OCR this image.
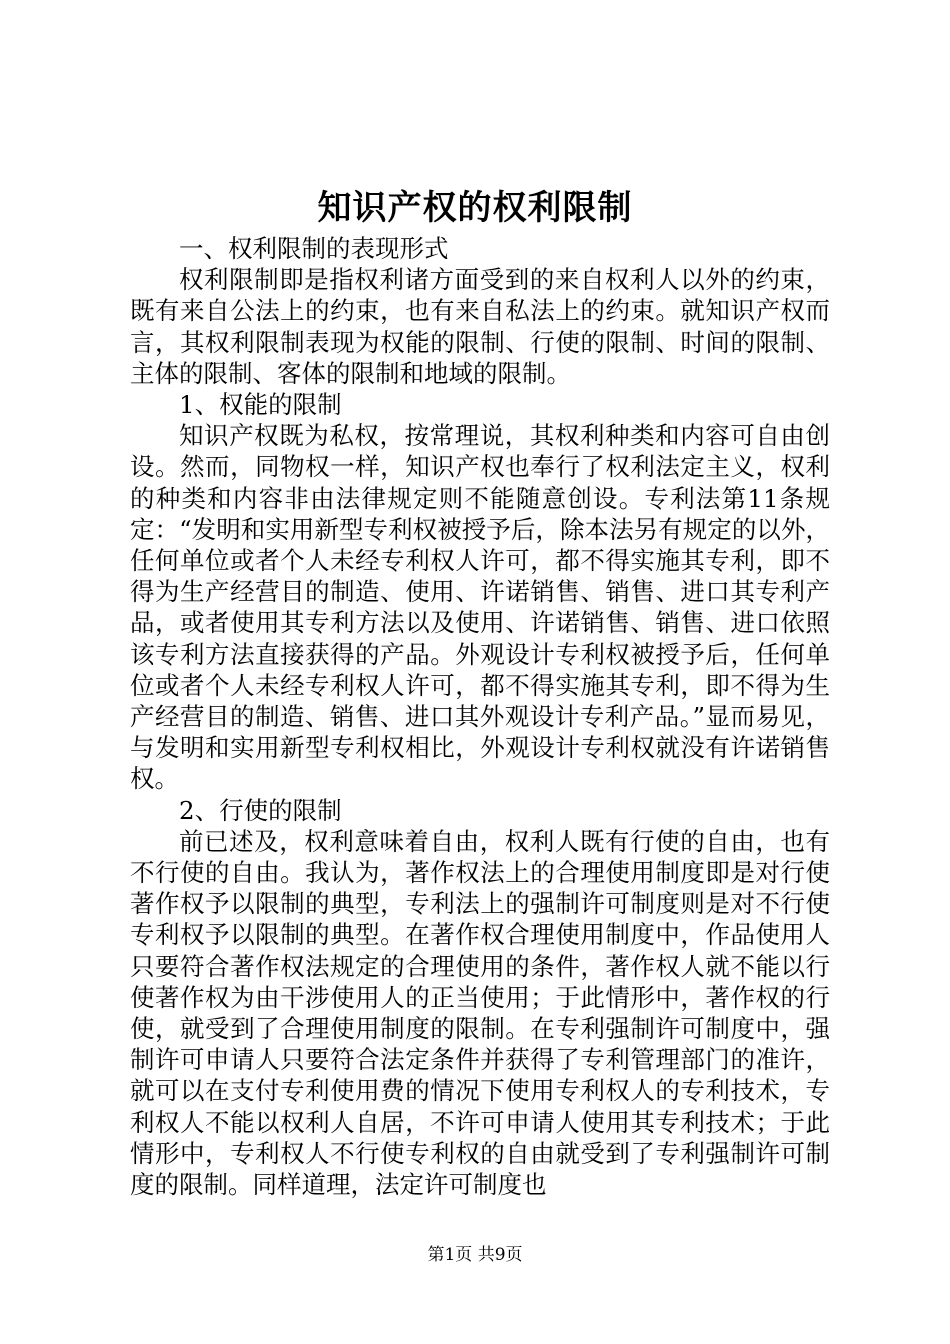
知识产权的权利限制

一、权利限制的表现形式

权利限制即是指权利诸方面受到的来自权利人以外的约束，既有来自公法上的约束，也有来自私法上的约束。就知识产权而言，其权利限制表现为权能的限制、行使的限制、时间的限制、主体的限制、客体的限制和地域的限制。

1、权能的限制

知识产权既为私权，按常理说，其权利种类和内容可自由创设。然而，同物权一样，知识产权也奉行了权利法定主义，权利的种类和内容非由法律规定则不能随意创设。专利法第11条规定：“发明和实用新型专利权被授予后，除本法另有规定的以外，任何单位或者个人未经专利权人许可，都不得实施其专利，即不得为生产经营目的制造、使用、许诺销售、销售、进口其专利产品，或者使用其专利方法以及使用、许诺销售、销售、进口依照该专利方法直接获得的产品。外观设计专利权被授予后，任何单位或者个人未经专利权人许可，都不得实施其专利，即不得为生产经营目的制造、销售、进口其外观设计专利产品。”显而易见，与发明和实用新型专利权相比，外观设计专利权就没有许诺销售权。

2、行使的限制

前已述及，权利意味着自由，权利人既有行使的自由，也有不行使的自由。我认为，著作权法上的合理使用制度即是对行使著作权予以限制的典型，专利法上的强制许可制度则是对不行使专利权予以限制的典型。在著作权合理使用制度中，作品使用人只要符合著作权法规定的合理使用的条件，著作权人就不能以行使著作权为由干涉使用人的正当使用；于此情形中，著作权的行使，就受到了合理使用制度的限制。在专利强制许可制度中，强制许可申请人只要符合法定条件并获得了专利管理部门的准许，就可以在支付专利使用费的情况下使用专利权人的专利技术，专利权人不能以权利人自居，不许可申请人使用其专利技术；于此情形中，专利权人不行使专利权的自由就受到了专利强制许可制度的限制。同样道理，法定许可制度也

第1页 共9页
